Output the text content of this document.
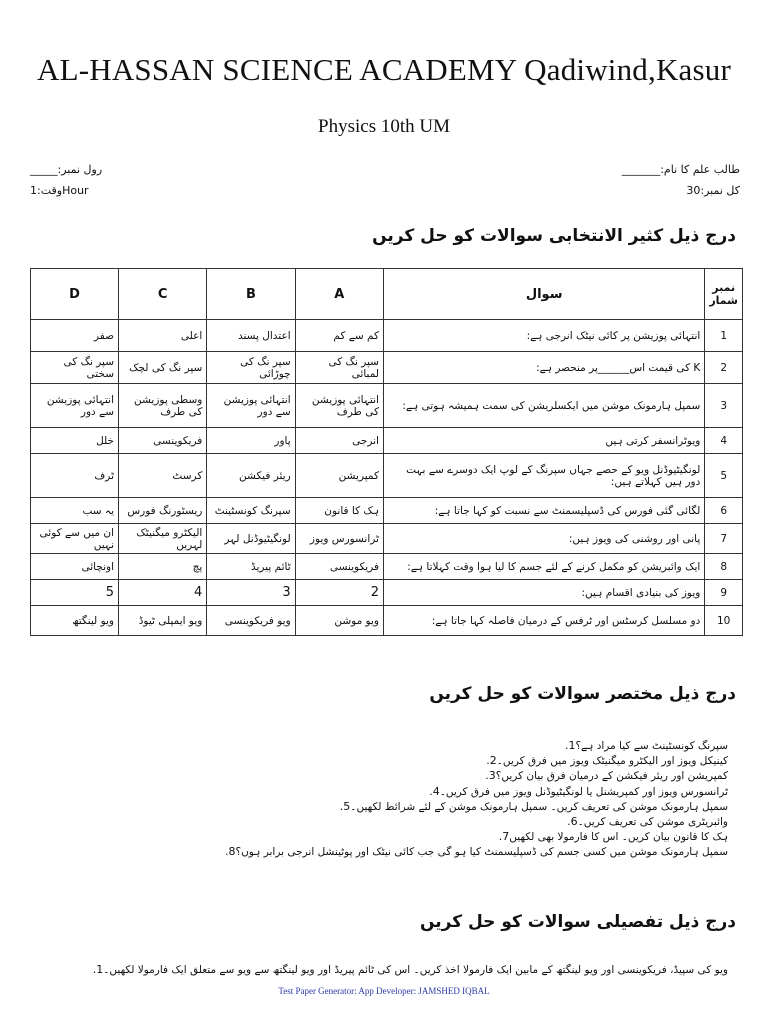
AL-HASSAN SCIENCE ACADEMY Qadiwind,Kasur
Physics 10th UM
رول نمبر:_____
وقت:1Hour
طالب علم کا نام:_______
کل نمبر:30
درج ذیل کثیر الانتخابی سوالات کو حل کریں
D	C	B	A	سوال	نمبر شمار
صفر	اعلی	اعتدال پسند	کم سے کم	انتہائی پوزیشن پر کائی نیٹک انرجی ہے:	1
سپر نگ کی سختی	سپر نگ کی لچک	سپر نگ کی چوڑائی	سپر نگ کی لمبائی	K کی قیمت اس______پر منحصر ہے:	2
انتہائی پوزیشن سے دور	وسطی پوزیشن کی طرف	انتہائی پوزیشن سے دور	انتہائی پوزیشن کی طرف	سمپل ہارمونک موشن میں ایکسلریشن کی سمت ہمیشہ ہوتی ہے:	3
خلل	فریکوینسی	پاور	انرجی	ویوٹرانسفر کرتی ہیں	4
ٹرف	کرسٹ	ریئر فیکشن	کمپریشن	لونگیٹیوڈنل ویو کے حصے جہاں سپرنگ کے لوپ ایک دوسرے سے بہت دور ہیں کہلاتے ہیں:	5
یہ سب	ریسٹورنگ فورس	سپرنگ کونسٹینٹ	ہک کا قانون	لگائی گئی فورس کی ڈسپلیسمنٹ سے نسبت کو کہا جاتا ہے:	6
ان میں سے کوئی نہیں	الیکٹرو میگنیٹک لہریں	لونگیٹیوڈنل لہر	ٹرانسورس ویوز	پانی اور روشنی کی ویوز ہیں:	7
اونچائی	پچ	ٹائم پیریڈ	فریکوینسی	ایک وائبریشن کو مکمل کرنے کے لئے جسم کا لیا ہوا وقت کہلاتا ہے:	8
5	4	3	2	ویوز کی بنیادی اقسام ہیں:	9
ویو لینگتھ	ویو ایمپلی ٹیوڈ	ویو فریکوینسی	ویو موشن	دو مسلسل کرسٹس اور ٹرفس کے درمیان فاصلہ کہا جاتا ہے:	10
درج ذیل مختصر سوالات کو حل کریں
سپرنگ کونسٹینٹ سے کیا مراد ہے؟1.
کینیکل ویوز اور الیکٹرو میگنیٹک ویوز میں فرق کریں۔2.
کمپریشن اور ریئر فیکشن کے درمیان فرق بیان کریں؟3.
ٹرانسورس ویوز اور کمپریشنل یا لونگیٹیوڈنل ویوز میں فرق کریں۔4.
سمپل ہارمونک موشن کی تعریف کریں۔ سمپل ہارمونک موشن کے لئے شرائط لکھیں۔5.
وائبریٹری موشن کی تعریف کریں۔6.
ہک کا قانون بیان کریں۔ اس کا فارمولا بھی لکھیں7.
سمپل ہارمونک موشن میں کسی جسم کی ڈسپلیسمنٹ کیا ہو گی جب کائی نیٹک اور پوٹینشل انرجی برابر ہوں؟8.
درج ذیل تفصیلی سوالات کو حل کریں
ویو کی سپیڈ، فریکوینسی اور ویو لینگتھ کے مابین ایک فارمولا اخذ کریں۔ اس کی ٹائم پیریڈ اور ویو لینگتھ سے ویو سے متعلق ایک فارمولا لکھیں۔1.
Test Paper Generator: App Developer: JAMSHED IQBAL
